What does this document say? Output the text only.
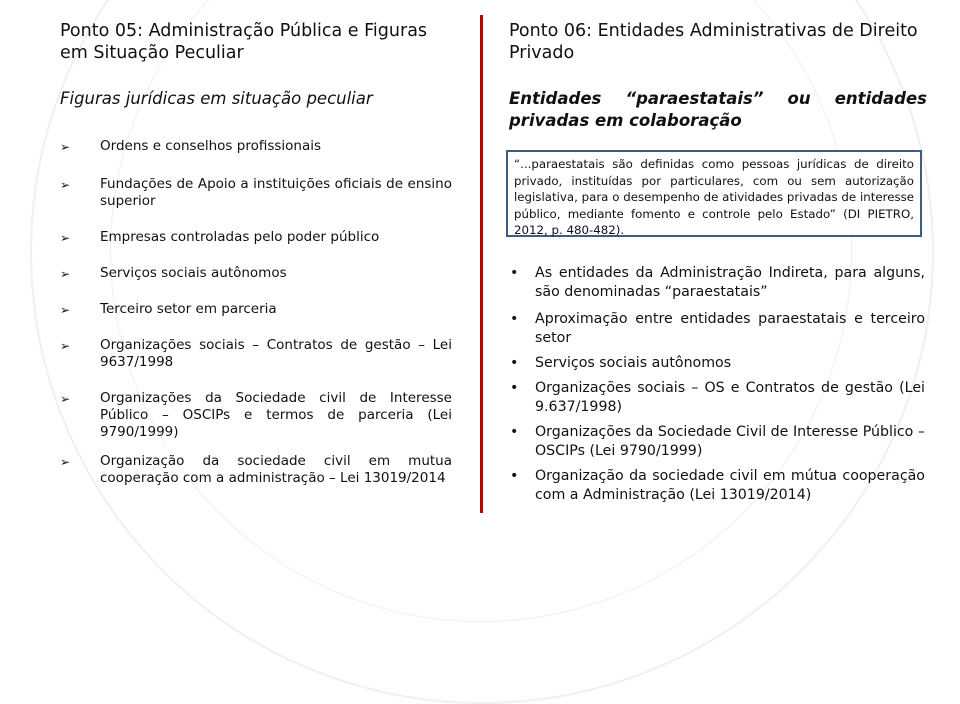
Ponto 05: Administração Pública e Figuras em Situação Peculiar

Figuras jurídicas em situação peculiar
➢ Ordens e conselhos profissionais
➢ Fundações de Apoio a instituições oficiais de ensino superior
➢ Empresas controladas pelo poder público
➢ Serviços sociais autônomos
➢ Terceiro setor em parceria
➢ Organizações sociais – Contratos de gestão – Lei 9637/1998
➢ Organizações da Sociedade civil de Interesse Público – OSCIPs e termos de parceria (Lei 9790/1999)
➢ Organização da sociedade civil em mutua cooperação com a administração – Lei 13019/2014

Ponto 06: Entidades Administrativas de Direito Privado

Entidades “paraestatais” ou entidades privadas em colaboração
“...paraestatais são definidas como pessoas jurídicas de direito privado, instituídas por particulares, com ou sem autorização legislativa, para o desempenho de atividades privadas de interesse público, mediante fomento e controle pelo Estado” (DI PIETRO, 2012, p. 480-482).
• As entidades da Administração Indireta, para alguns, são denominadas “paraestatais”
• Aproximação entre entidades paraestatais e terceiro setor
• Serviços sociais autônomos
• Organizações sociais – OS e Contratos de gestão (Lei 9.637/1998)
• Organizações da Sociedade Civil de Interesse Público – OSCIPs (Lei 9790/1999)
• Organização da sociedade civil em mútua cooperação com a Administração (Lei 13019/2014)
